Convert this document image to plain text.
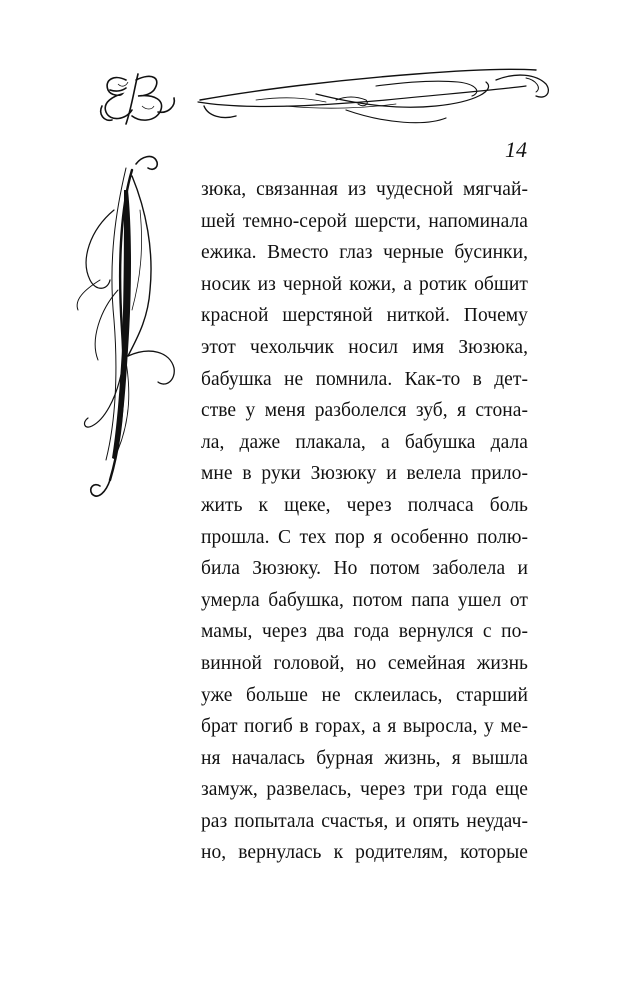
14
зюка, связанная из чудесной мягчай-
шей темно-серой шерсти, напоминала
ежика. Вместо глаз черные бусинки,
носик из черной кожи, а ротик обшит
красной шерстяной ниткой. Почему
этот чехольчик носил имя Зюзюка,
бабушка не помнила. Как-то в дет-
стве у меня разболелся зуб, я стона-
ла, даже плакала, а бабушка дала
мне в руки Зюзюку и велела прило-
жить к щеке, через полчаса боль
прошла. С тех пор я особенно полю-
била Зюзюку. Но потом заболела и
умерла бабушка, потом папа ушел от
мамы, через два года вернулся с по-
винной головой, но семейная жизнь
уже больше не склеилась, старший
брат погиб в горах, а я выросла, у ме-
ня началась бурная жизнь, я вышла
замуж, развелась, через три года еще
раз попытала счастья, и опять неудач-
но, вернулась к родителям, которые
